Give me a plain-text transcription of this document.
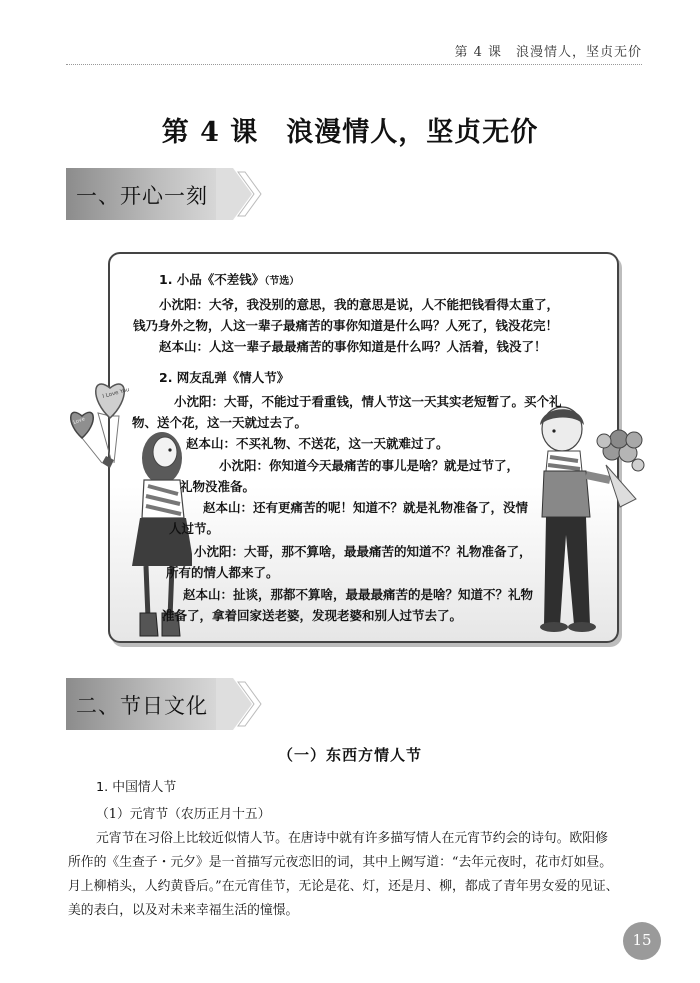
第 4 课　浪漫情人，坚贞无价
第 4 课　浪漫情人，坚贞无价
一、开心一刻
I Love You
Love
1. 小品《不差钱》（节选）
小沈阳：大爷，我没别的意思，我的意思是说，人不能把钱看得太重了，
钱乃身外之物，人这一辈子最痛苦的事你知道是什么吗？人死了，钱没花完！
赵本山：人这一辈子最最痛苦的事你知道是什么吗？人活着，钱没了！
2. 网友乱弹《情人节》
小沈阳：大哥，不能过于看重钱，情人节这一天其实老短暂了。买个礼
物、送个花，这一天就过去了。
赵本山：不买礼物、不送花，这一天就难过了。
小沈阳：你知道今天最痛苦的事儿是啥？就是过节了，
礼物没准备。
赵本山：还有更痛苦的呢！知道不？就是礼物准备了，没情
人过节。
小沈阳：大哥，那不算啥，最最痛苦的知道不？礼物准备了，
所有的情人都来了。
赵本山：扯谈，那都不算啥，最最最痛苦的是啥？知道不？礼物
准备了，拿着回家送老婆，发现老婆和别人过节去了。
二、节日文化
（一）东西方情人节
1. 中国情人节
（1）元宵节（农历正月十五）
元宵节在习俗上比较近似情人节。在唐诗中就有许多描写情人在元宵节约会的诗句。欧阳修
所作的《生查子・元夕》是一首描写元夜恋旧的词，其中上阙写道：“去年元夜时，花市灯如昼。
月上柳梢头，人约黄昏后。”在元宵佳节，无论是花、灯，还是月、柳，都成了青年男女爱的见证、
美的表白，以及对未来幸福生活的憧憬。
15
